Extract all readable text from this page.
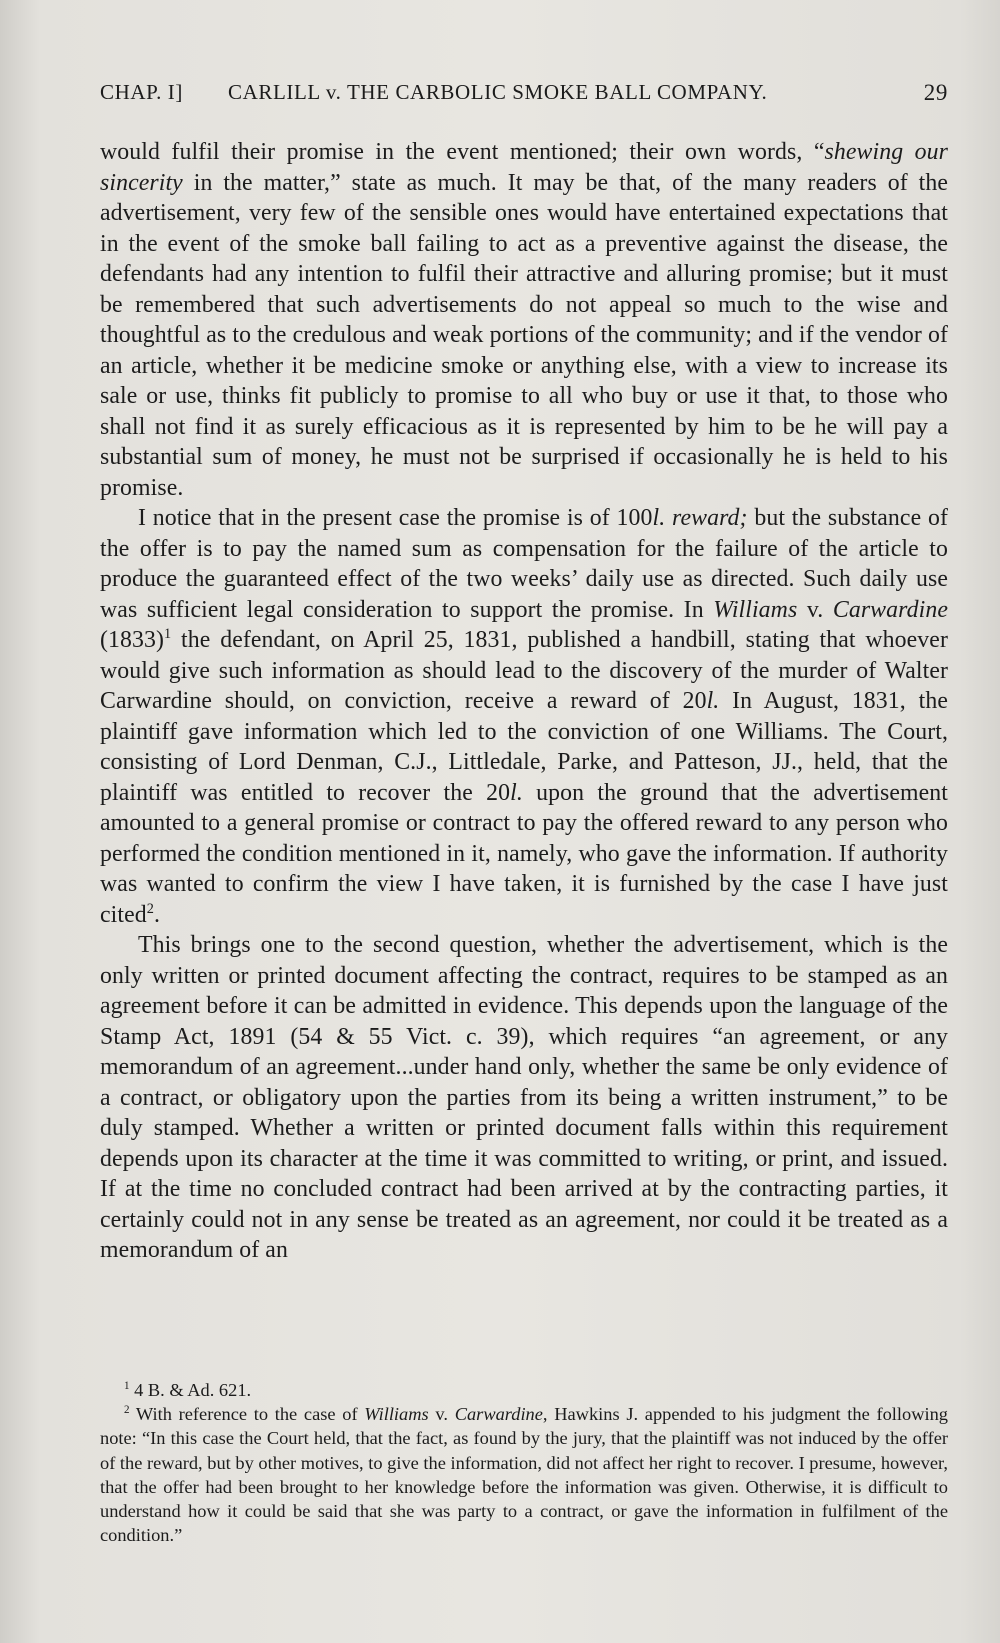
CHAP. I] CARLILL v. THE CARBOLIC SMOKE BALL COMPANY.	29

would fulfil their promise in the event mentioned; their own words, “shewing our sincerity in the matter,” state as much. It may be that, of the many readers of the advertisement, very few of the sensible ones would have entertained expectations that in the event of the smoke ball failing to act as a preventive against the disease, the defendants had any intention to fulfil their attractive and alluring promise; but it must be remembered that such advertisements do not appeal so much to the wise and thoughtful as to the credulous and weak portions of the community; and if the vendor of an article, whether it be medicine smoke or anything else, with a view to increase its sale or use, thinks fit publicly to promise to all who buy or use it that, to those who shall not find it as surely efficacious as it is represented by him to be he will pay a substantial sum of money, he must not be surprised if occasionally he is held to his promise.

I notice that in the present case the promise is of 100l. reward; but the substance of the offer is to pay the named sum as compensation for the failure of the article to produce the guaranteed effect of the two weeks’ daily use as directed. Such daily use was sufficient legal consideration to support the promise. In Williams v. Carwardine $(1833)^1$ the defendant, on April 25, 1831, published a handbill, stating that whoever would give such information as should lead to the discovery of the murder of Walter Carwardine should, on conviction, receive a reward of 20l. In August, 1831, the plaintiff gave information which led to the conviction of one Williams. The Court, consisting of Lord Denman, C.J., Littledale, Parke, and Patteson, JJ., held, that the plaintiff was entitled to recover the 20l. upon the ground that the advertisement amounted to a general promise or contract to pay the offered reward to any person who performed the condition mentioned in it, namely, who gave the information. If authority was wanted to confirm the view I have taken, it is furnished by the case I have just cited$^2$.

This brings one to the second question, whether the advertisement, which is the only written or printed document affecting the contract, requires to be stamped as an agreement before it can be admitted in evidence. This depends upon the language of the Stamp Act, 1891 (54 & 55 Vict. c. 39), which requires “an agreement, or any memorandum of an agreement...under hand only, whether the same be only evidence of a contract, or obligatory upon the parties from its being a written instrument,” to be duly stamped. Whether a written or printed document falls within this requirement depends upon its character at the time it was committed to writing, or print, and issued. If at the time no concluded contract had been arrived at by the contracting parties, it certainly could not in any sense be treated as an agreement, nor could it be treated as a memorandum of an

$^1$ 4 B. & Ad. 621.

$^2$ With reference to the case of Williams v. Carwardine, Hawkins J. appended to his judgment the following note: “In this case the Court held, that the fact, as found by the jury, that the plaintiff was not induced by the offer of the reward, but by other motives, to give the information, did not affect her right to recover. I presume, however, that the offer had been brought to her knowledge before the information was given. Otherwise, it is difficult to understand how it could be said that she was party to a contract, or gave the information in fulfilment of the condition.”
